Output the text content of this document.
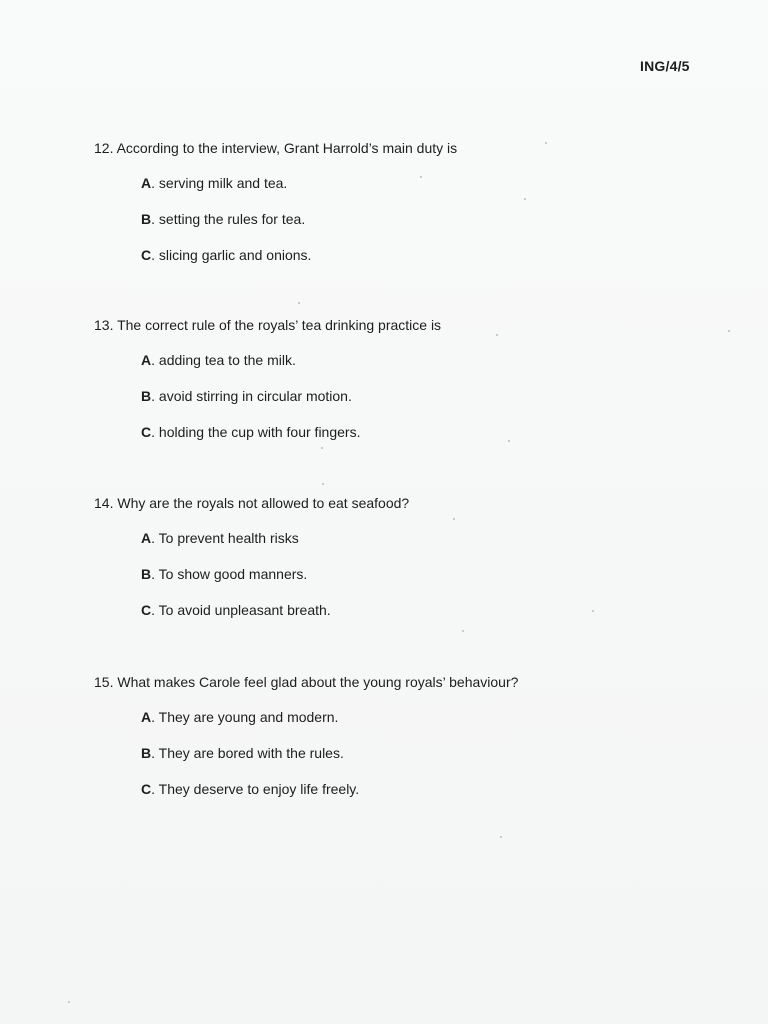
ING/4/5
12. According to the interview, Grant Harrold’s main duty is
A. serving milk and tea.
B. setting the rules for tea.
C. slicing garlic and onions.
13. The correct rule of the royals’ tea drinking practice is
A. adding tea to the milk.
B. avoid stirring in circular motion.
C. holding the cup with four fingers.
14. Why are the royals not allowed to eat seafood?
A. To prevent health risks
B. To show good manners.
C. To avoid unpleasant breath.
15. What makes Carole feel glad about the young royals’ behaviour?
A. They are young and modern.
B. They are bored with the rules.
C. They deserve to enjoy life freely.
